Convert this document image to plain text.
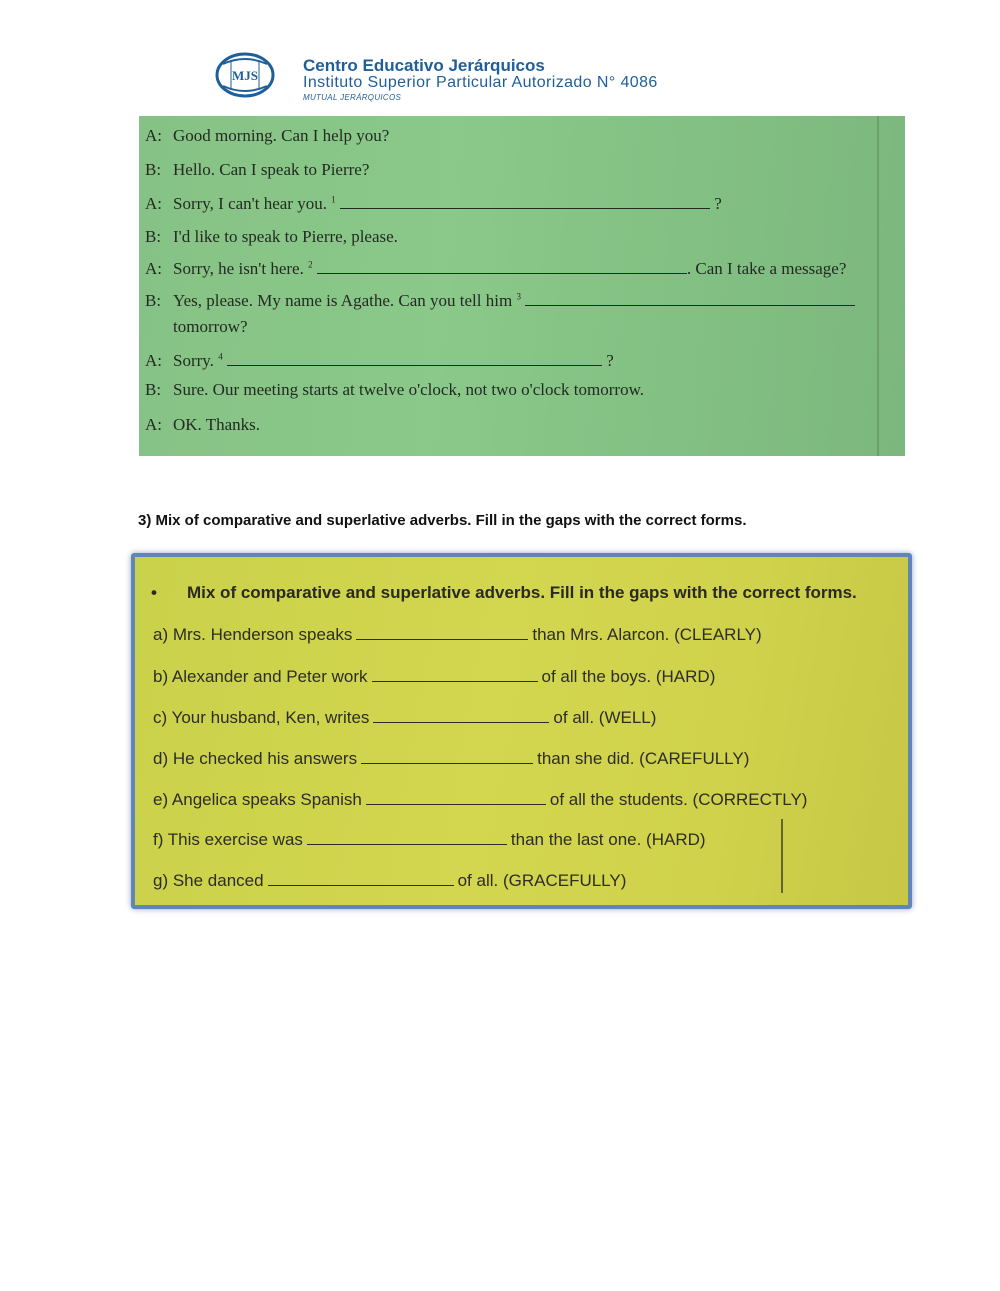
MJS
Centro Educativo Jerárquicos
Instituto Superior Particular Autorizado N° 4086
MUTUAL JERÁRQUICOS
A: Good morning. Can I help you?
B: Hello. Can I speak to Pierre?
A: Sorry, I can't hear you. $^1$	?
B: I'd like to speak to Pierre, please.
A: Sorry, he isn't here. $^2$	. Can I take a message?
B: Yes, please. My name is Agathe. Can you tell him $^3$
tomorrow?
A: Sorry. $^4$	?
B: Sure. Our meeting starts at twelve o'clock, not two o'clock tomorrow.
A: OK. Thanks.
3) Mix of comparative and superlative adverbs. Fill in the gaps with the correct forms.
• Mix of comparative and superlative adverbs. Fill in the gaps with the correct forms.
a) Mrs. Henderson speaks	than Mrs. Alarcon. (CLEARLY)
b) Alexander and Peter work	of all the boys. (HARD)
c) Your husband, Ken, writes	of all. (WELL)
d) He checked his answers	than she did. (CAREFULLY)
e) Angelica speaks Spanish	of all the students. (CORRECTLY)
f) This exercise was	than the last one. (HARD)
g) She danced	of all. (GRACEFULLY)
